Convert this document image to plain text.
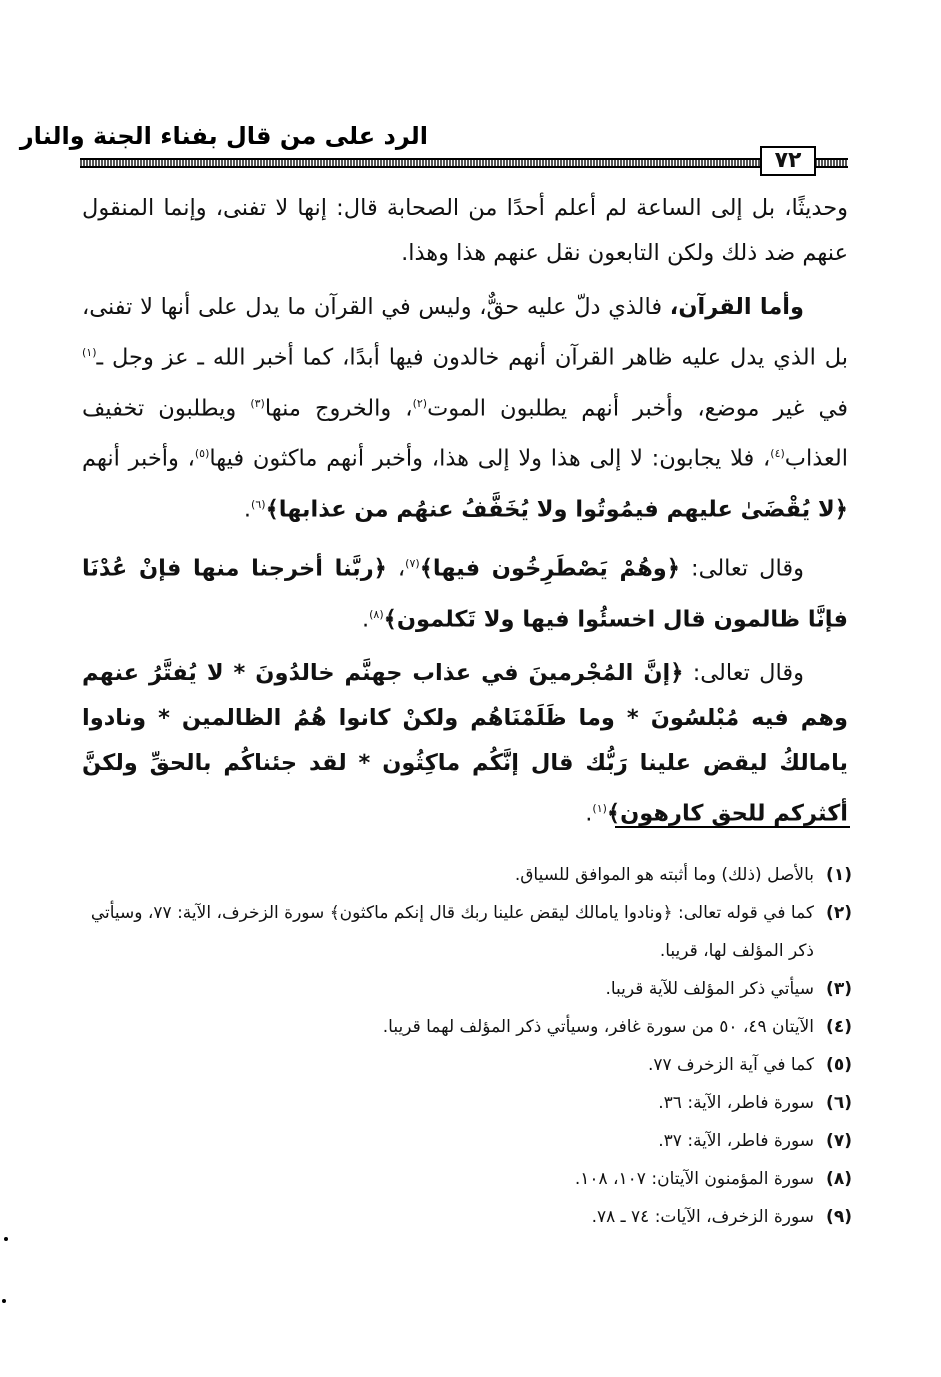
الرد على من قال بفناء الجنة والنار
٧٢

وحديثًا، بل إلى الساعة لم أعلم أحدًا من الصحابة قال: إنها لا تفنى، وإنما المنقول عنهم ضد ذلك ولكن التابعون نقل عنهم هذا وهذا.

وأما القرآن، فالذي دلّ عليه حقٌّ، وليس في القرآن ما يدل على أنها لا تفنى، بل الذي يدل عليه ظاهر القرآن أنهم خالدون فيها أبدًا، كما أخبر الله ـ عز وجل ـ$^{(١)}$ في غير موضع، وأخبر أنهم يطلبون الموت$^{(٢)}$، والخروج منها$^{(٣)}$ ويطلبون تخفيف العذاب$^{(٤)}$، فلا يجابون: لا إلى هذا ولا إلى هذا، وأخبر أنهم ماكثون فيها$^{(٥)}$، وأخبر أنهم ﴿لا يُقْضَىٰ عليهم فيمُوتُوا ولا يُخَفَّفُ عنهُم من عذابها﴾$^{(٦)}$.

وقال تعالى: ﴿وهُمْ يَصْطَرِخُون فيها﴾$^{(٧)}$، ﴿ربَّنا أخرجنا منها فإنْ عُدْنَا فإنَّا ظالمون قال اخسئُوا فيها ولا تَكلمون﴾$^{(٨)}$.

وقال تعالى: ﴿إنَّ المُجْرمينَ في عذاب جهنَّم خالدُونَ * لا يُفتَّرُ عنهم وهم فيه مُبْلسُونَ * وما ظَلَمْنَاهُم ولكنْ كانوا هُمُ الظالمين * ونادوا يامالكُ ليقض علينا رَبُّك قال إنَّكُم ماكِثُون * لقد جئناكُم بالحقِّ ولكنَّ أكثركم للحق كارهون﴾$^{(١)}$.

(١)
بالأصل (ذلك) وما أثبته هو الموافق للسياق.
(٢)
كما في قوله تعالى: ﴿ونادوا يامالك ليقض علينا ربك قال إنكم ماكثون﴾ سورة الزخرف، الآية: ٧٧، وسيأتي ذكر المؤلف لها، قريبا.
(٣)
سيأتي ذكر المؤلف للآية قريبا.
(٤)
الآيتان ٤٩، ٥٠ من سورة غافر، وسيأتي ذكر المؤلف لهما قريبا.
(٥)
كما في آية الزخرف ٧٧.
(٦)
سورة فاطر، الآية: ٣٦.
(٧)
سورة فاطر، الآية: ٣٧.
(٨)
سورة المؤمنون الآيتان: ١٠٧، ١٠٨.
(٩)
سورة الزخرف، الآيات: ٧٤ ـ ٧٨.
